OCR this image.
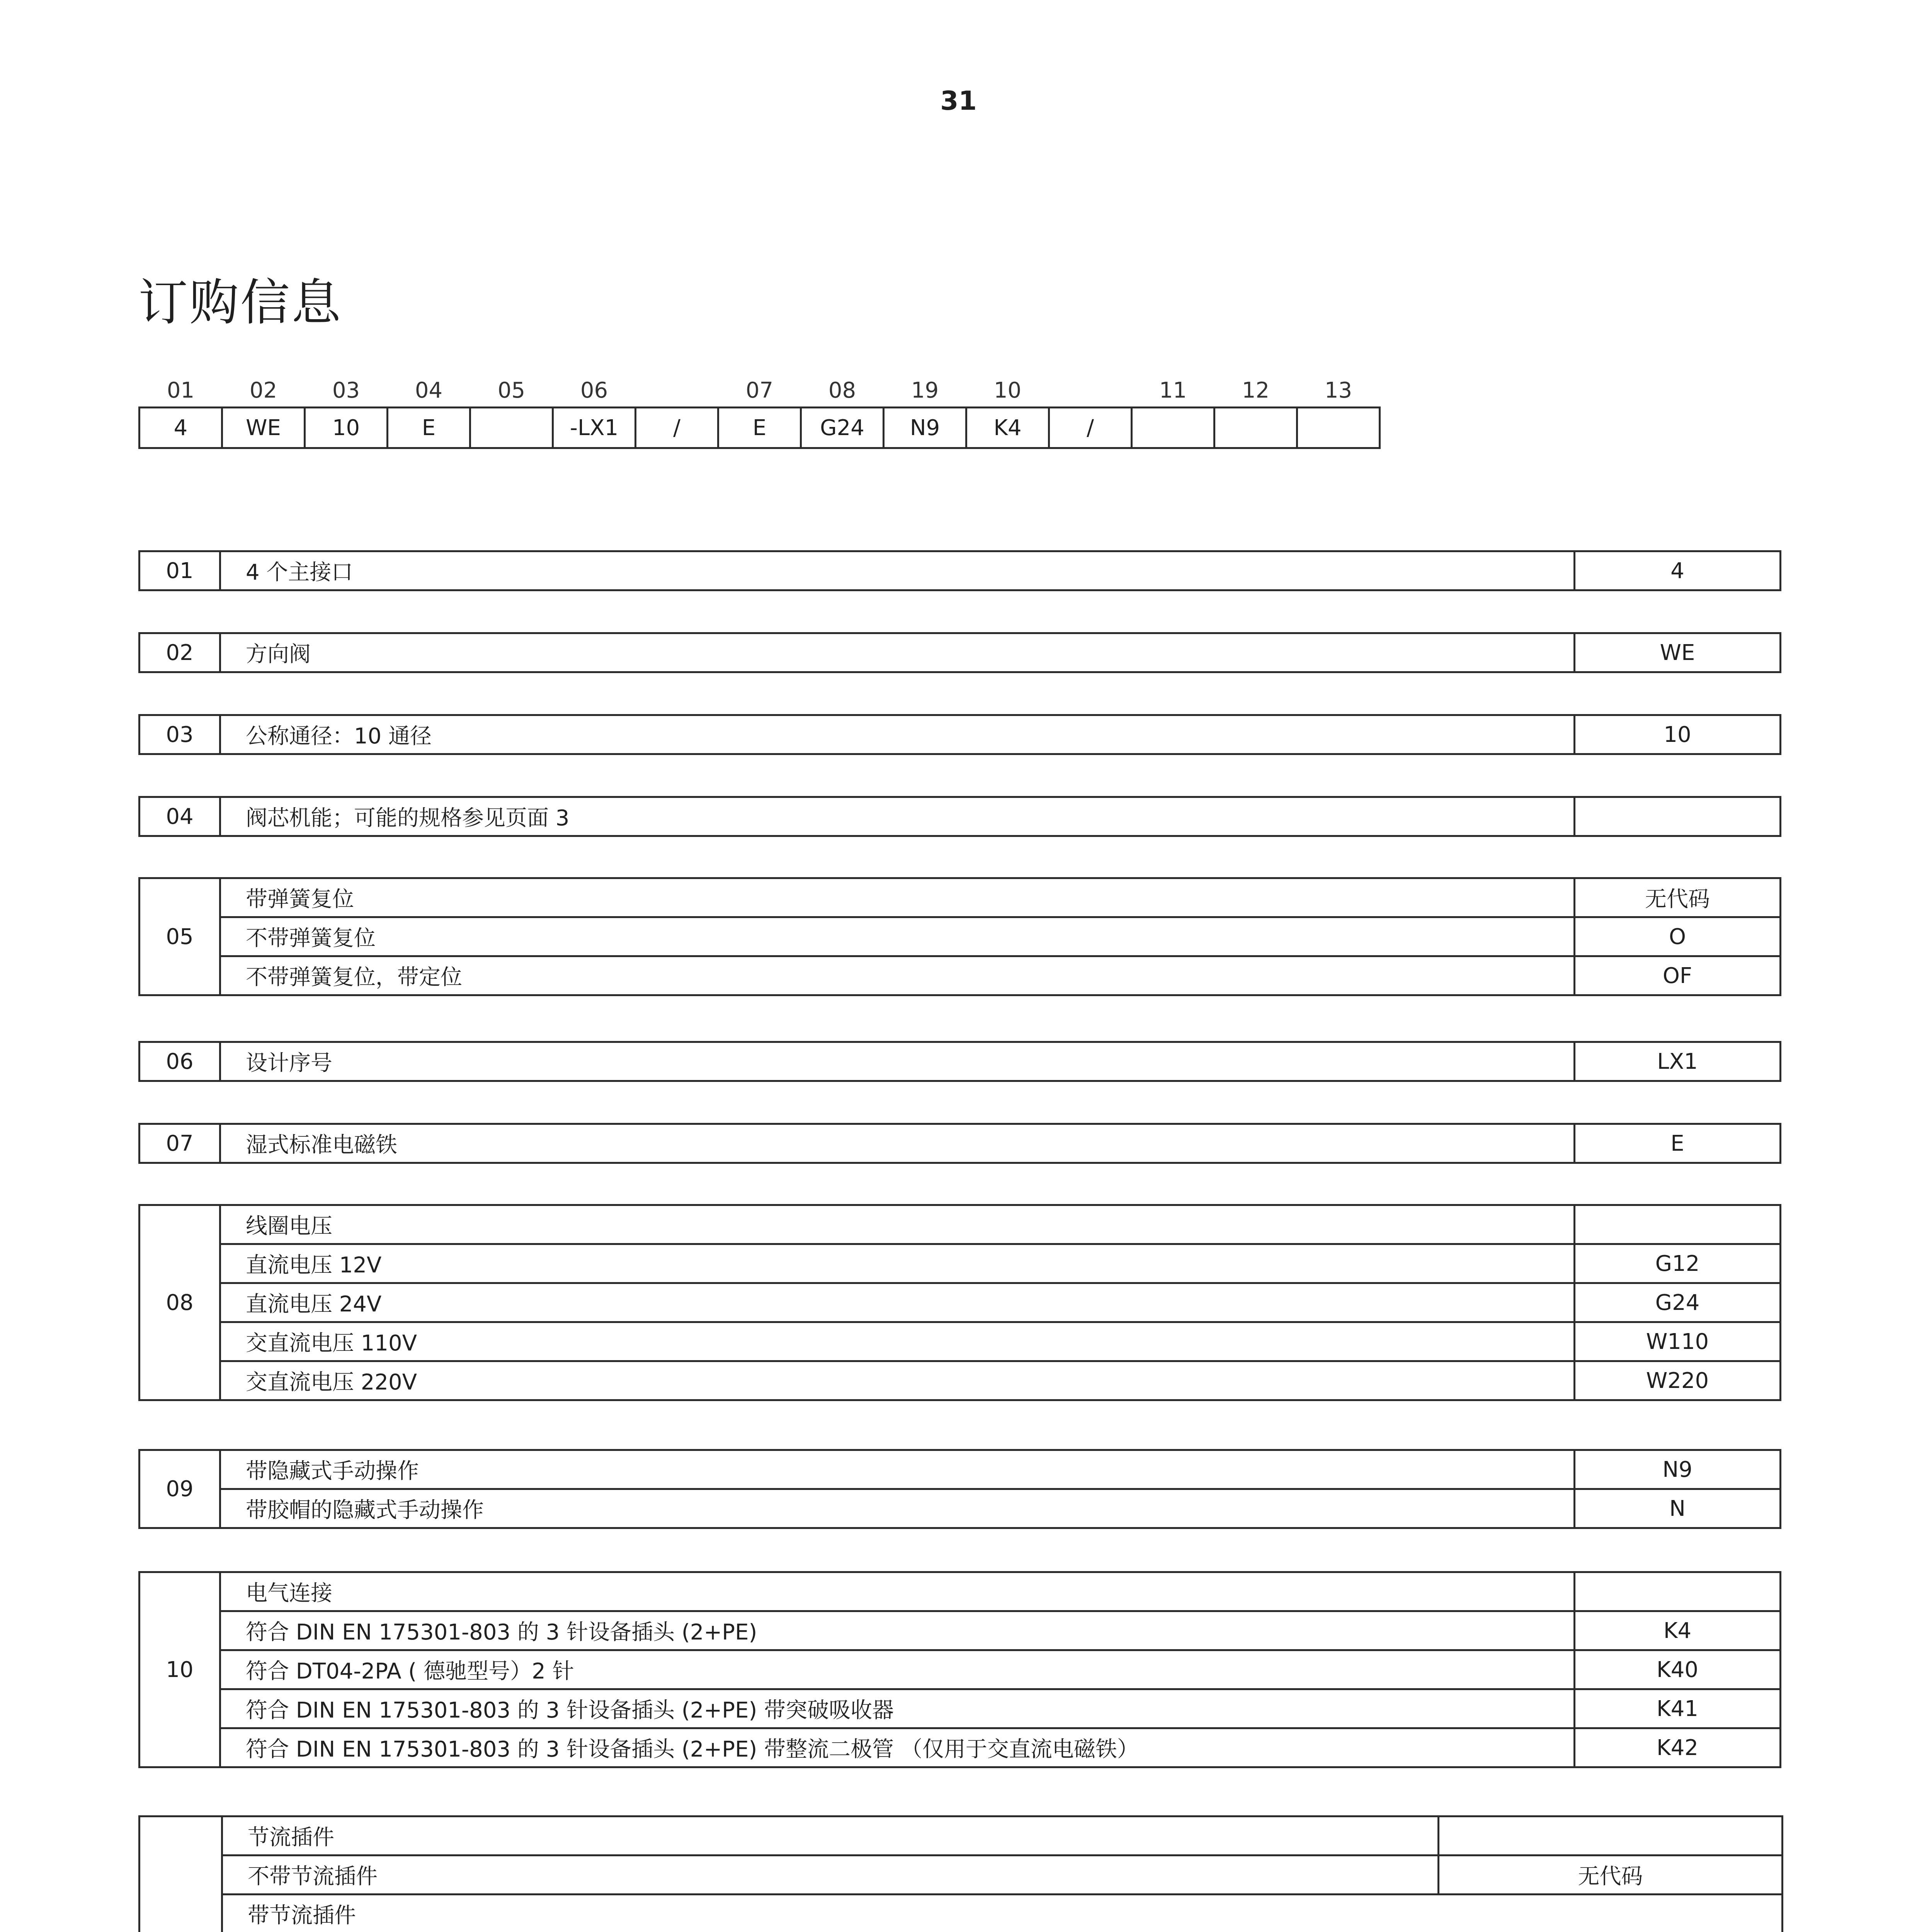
31
订购信息
01	02	03	04	05	06		07	08	19	10		11	12	13
4	WE	10	E		-LX1	/	E	G24	N9	K4	/			
01	4 个主接口	4
02	方向阀	WE
03	公称通径：10 通径	10
04	阀芯机能；可能的规格参见页面 3	
05	带弹簧复位	无代码
	不带弹簧复位	O
	不带弹簧复位，带定位	OF
06	设计序号	LX1
07	湿式标准电磁铁	E
08	线圈电压	
	直流电压 12V	G12
	直流电压 24V	G24
	交直流电压 110V	W110
	交直流电压 220V	W220
09	带隐藏式手动操作	N9
	带胶帽的隐藏式手动操作	N
10	电气连接	
	符合 DIN EN 175301-803 的 3 针设备插头 (2+PE)	K4
	符合 DT04-2PA ( 德驰型号）2 针	K40
	符合 DIN EN 175301-803 的 3 针设备插头 (2+PE) 带突破吸收器	K41
	符合 DIN EN 175301-803 的 3 针设备插头 (2+PE) 带整流二极管 （仅用于交直流电磁铁）	K42
	节流插件				
	不带节流插件				无代码
	带节流插件				
